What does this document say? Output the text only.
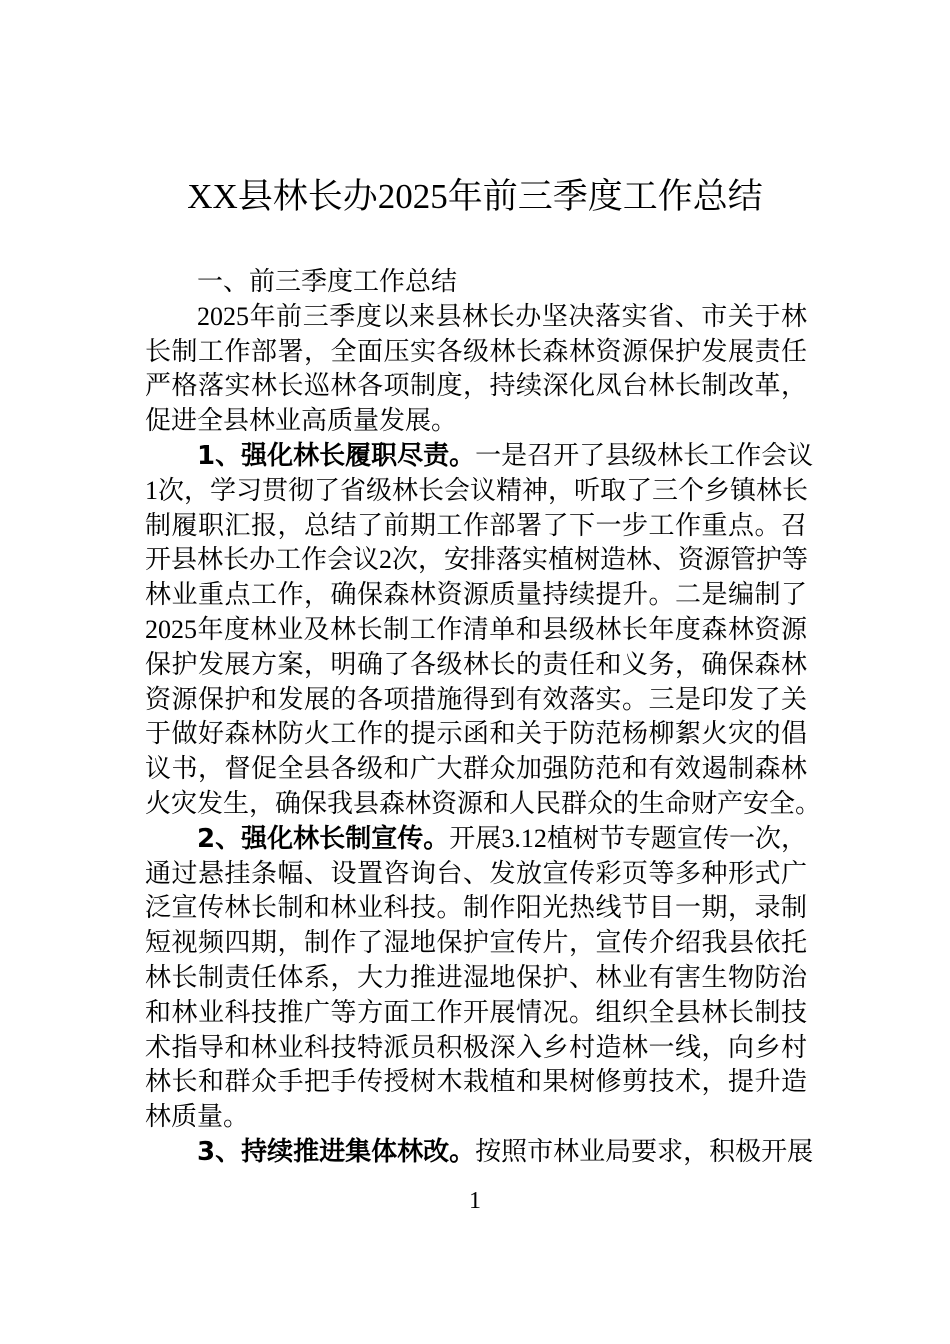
XX县林长办2025年前三季度工作总结
一、前三季度工作总结
2025年前三季度以来县林长办坚决落实省、市关于林
长制工作部署，全面压实各级林长森林资源保护发展责任
严格落实林长巡林各项制度，持续深化凤台林长制改革，
促进全县林业高质量发展。
1、强化林长履职尽责。一是召开了县级林长工作会议
1次，学习贯彻了省级林长会议精神，听取了三个乡镇林长
制履职汇报，总结了前期工作部署了下一步工作重点。召
开县林长办工作会议2次，安排落实植树造林、资源管护等
林业重点工作，确保森林资源质量持续提升。二是编制了
2025年度林业及林长制工作清单和县级林长年度森林资源
保护发展方案，明确了各级林长的责任和义务，确保森林
资源保护和发展的各项措施得到有效落实。三是印发了关
于做好森林防火工作的提示函和关于防范杨柳絮火灾的倡
议书，督促全县各级和广大群众加强防范和有效遏制森林
火灾发生，确保我县森林资源和人民群众的生命财产安全。
2、强化林长制宣传。开展3.12植树节专题宣传一次，
通过悬挂条幅、设置咨询台、发放宣传彩页等多种形式广
泛宣传林长制和林业科技。制作阳光热线节目一期，录制
短视频四期，制作了湿地保护宣传片，宣传介绍我县依托
林长制责任体系，大力推进湿地保护、林业有害生物防治
和林业科技推广等方面工作开展情况。组织全县林长制技
术指导和林业科技特派员积极深入乡村造林一线，向乡村
林长和群众手把手传授树木栽植和果树修剪技术，提升造
林质量。
3、持续推进集体林改。按照市林业局要求，积极开展
1
